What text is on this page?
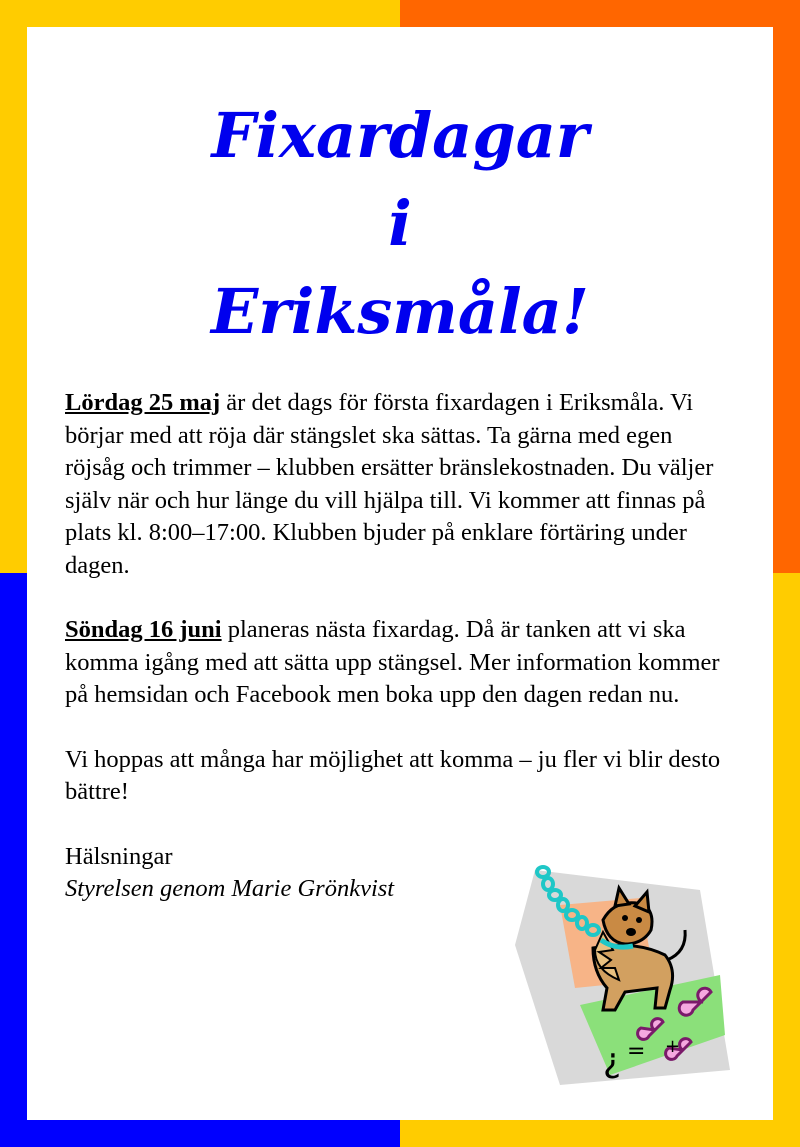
Fixardagar
i
Eriksmåla!

Lördag 25 maj är det dags för första fixardagen i Eriksmåla. Vi börjar med att röja där stängslet ska sättas. Ta gärna med egen röjsåg och trimmer – klubben ersätter bränslekostnaden. Du väljer själv när och hur länge du vill hjälpa till. Vi kommer att finnas på plats kl. 8:00–17:00. Klubben bjuder på enklare förtäring under dagen.

Söndag 16 juni planeras nästa fixardag. Då är tanken att vi ska komma igång med att sätta upp stängsel. Mer information kommer på hemsidan och Facebook men boka upp den dagen redan nu.

Vi hoppas att många har möjlighet att komma – ju fler vi blir desto bättre!

Hälsningar
Styrelsen genom Marie Grönkvist

¿ = +
